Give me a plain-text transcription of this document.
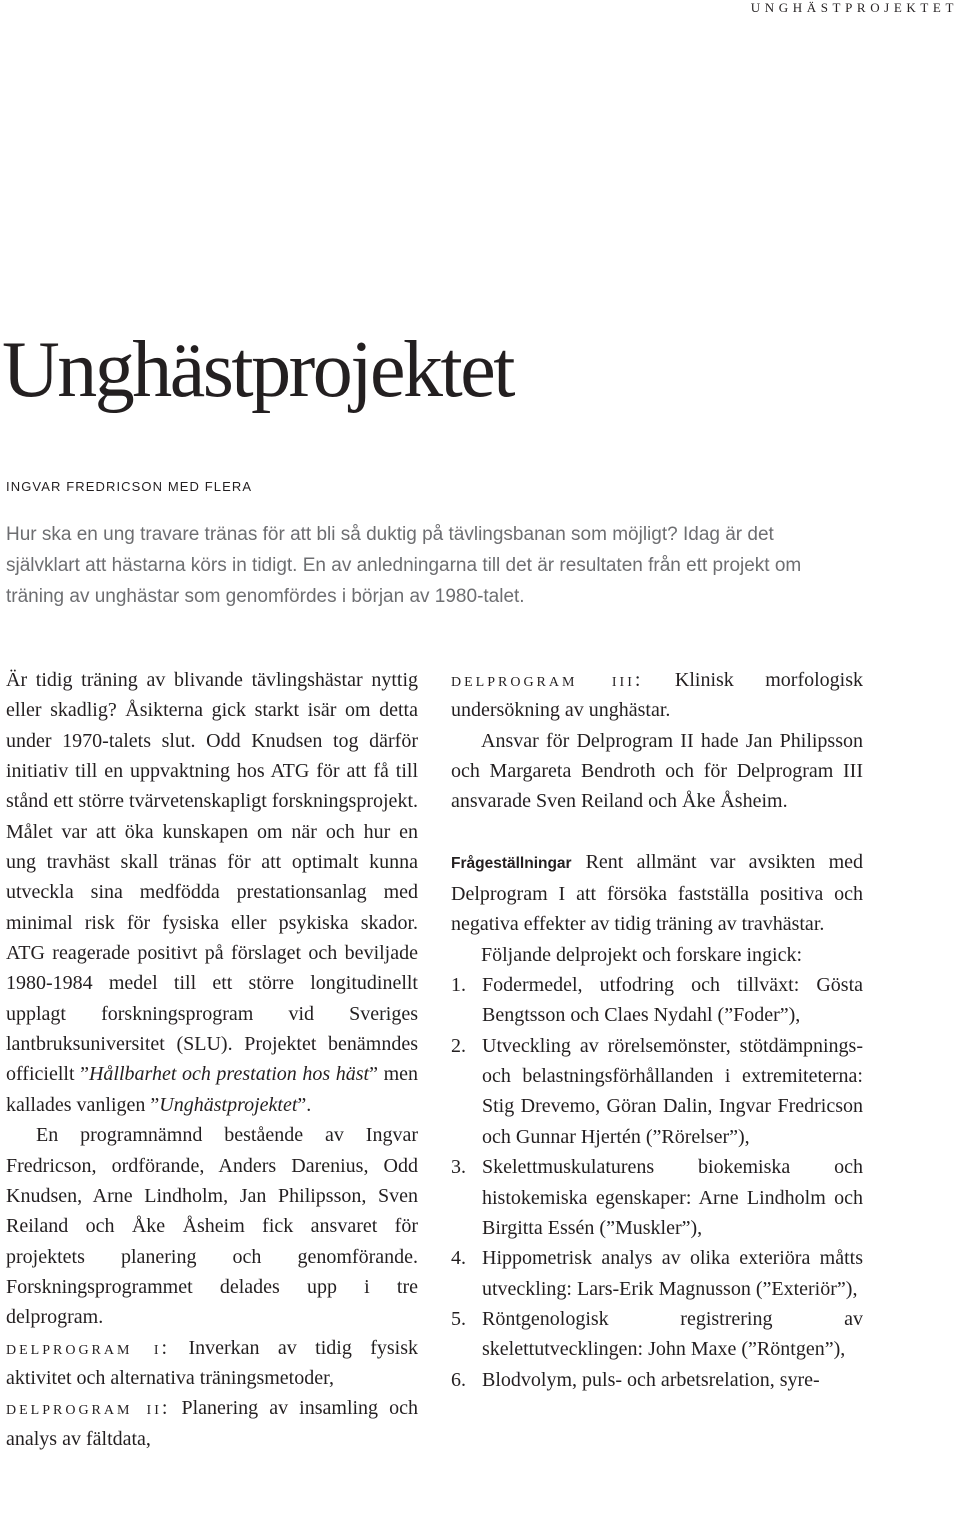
UNGHÄSTPROJEKTET
Unghästprojektet
INGVAR FREDRICSON MED FLERA

Hur ska en ung travare tränas för att bli så duktig på tävlingsbanan som möjligt? Idag är det självklart att hästarna körs in tidigt. En av anledningarna till det är resultaten från ett projekt om träning av unghästar som genomfördes i början av 1980-talet.

Är tidig träning av blivande tävlingshästar nyttig eller skadlig? Åsikterna gick starkt isär om detta under 1970-talets slut. Odd Knudsen tog därför initiativ till en uppvaktning hos ATG för att få till stånd ett större tvärvetenskapligt forskningsprojekt. Målet var att öka kunskapen om när och hur en ung travhäst skall tränas för att optimalt kunna utveckla sina medfödda prestationsanlag med minimal risk för fysiska eller psykiska skador. ATG reagerade positivt på förslaget och beviljade 1980-1984 medel till ett större longitudinellt upplagt forskningsprogram vid Sveriges lantbruksuniversitet (SLU). Projektet benämndes officiellt ”Hållbarhet och prestation hos häst” men kallades vanligen ”Unghästprojektet”.

En programnämnd bestående av Ingvar Fredricson, ordförande, Anders Darenius, Odd Knudsen, Arne Lindholm, Jan Philipsson, Sven Reiland och Åke Åsheim fick ansvaret för projektets planering och genomförande. Forskningsprogrammet delades upp i tre delprogram.

delprogram i: Inverkan av tidig fysisk aktivitet och alternativa träningsmetoder,

delprogram ii: Planering av insamling och analys av fältdata,

delprogram iii: Klinisk morfologisk undersökning av unghästar.

Ansvar för Delprogram II hade Jan Philipsson och Margareta Bendroth och för Delprogram III ansvarade Sven Reiland och Åke Åsheim.

Frågeställningar Rent allmänt var avsikten med Delprogram I att försöka fastställa positiva och negativa effekter av tidig träning av travhästar.

Följande delprojekt och forskare ingick:

1. Fodermedel, utfodring och tillväxt: Gösta Bengtsson och Claes Nydahl (”Foder”),
2. Utveckling av rörelsemönster, stötdämpnings- och belastningsförhållanden i extremiteterna: Stig Drevemo, Göran Dalin, Ingvar Fredricson och Gunnar Hjertén (”Rörelser”),
3. Skelettmuskulaturens biokemiska och histokemiska egenskaper: Arne Lindholm och Birgitta Essén (”Muskler”),
4. Hippometrisk analys av olika exteriöra måtts utveckling: Lars-Erik Magnusson (”Exteriör”),
5. Röntgenologisk registrering av skelettutvecklingen: John Maxe (”Röntgen”),
6. Blodvolym, puls- och arbetsrelation, syre-
